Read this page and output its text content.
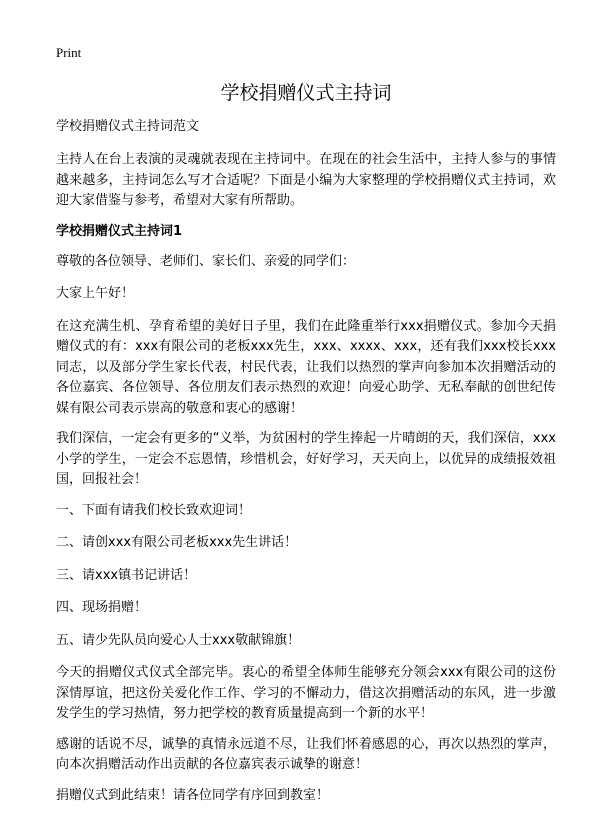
Print
学校捐赠仪式主持词
学校捐赠仪式主持词范文

主持人在台上表演的灵魂就表现在主持词中。在现在的社会生活中，主持人参与的事情越来越多，主持词怎么写才合适呢？下面是小编为大家整理的学校捐赠仪式主持词，欢迎大家借鉴与参考，希望对大家有所帮助。

学校捐赠仪式主持词1

尊敬的各位领导、老师们、家长们、亲爱的同学们：

大家上午好！

在这充满生机、孕育希望的美好日子里，我们在此隆重举行xxx捐赠仪式。参加今天捐赠仪式的有：xxx有限公司的老板xxx先生，xxx、xxxx、xxx，还有我们xxx校长xxx同志，以及部分学生家长代表，村民代表，让我们以热烈的掌声向参加本次捐赠活动的各位嘉宾、各位领导、各位朋友们表示热烈的欢迎！向爱心助学、无私奉献的创世纪传媒有限公司表示崇高的敬意和衷心的感谢！

我们深信，一定会有更多的“义举，为贫困村的学生捧起一片晴朗的天，我们深信，xxx小学的学生，一定会不忘恩情，珍惜机会，好好学习，天天向上，以优异的成绩报效祖国，回报社会！

一、下面有请我们校长致欢迎词！

二、请创xxx有限公司老板xxx先生讲话！

三、请xxx镇书记讲话！

四、现场捐赠！

五、请少先队员向爱心人士xxx敬献锦旗！

今天的捐赠仪式仪式全部完毕。衷心的希望全体师生能够充分领会xxx有限公司的这份深情厚谊，把这份关爱化作工作、学习的不懈动力，借这次捐赠活动的东风，进一步激发学生的学习热情，努力把学校的教育质量提高到一个新的水平！

感谢的话说不尽，诚挚的真情永远道不尽，让我们怀着感恩的心，再次以热烈的掌声，向本次捐赠活动作出贡献的各位嘉宾表示诚挚的谢意！

捐赠仪式到此结束！请各位同学有序回到教室！
